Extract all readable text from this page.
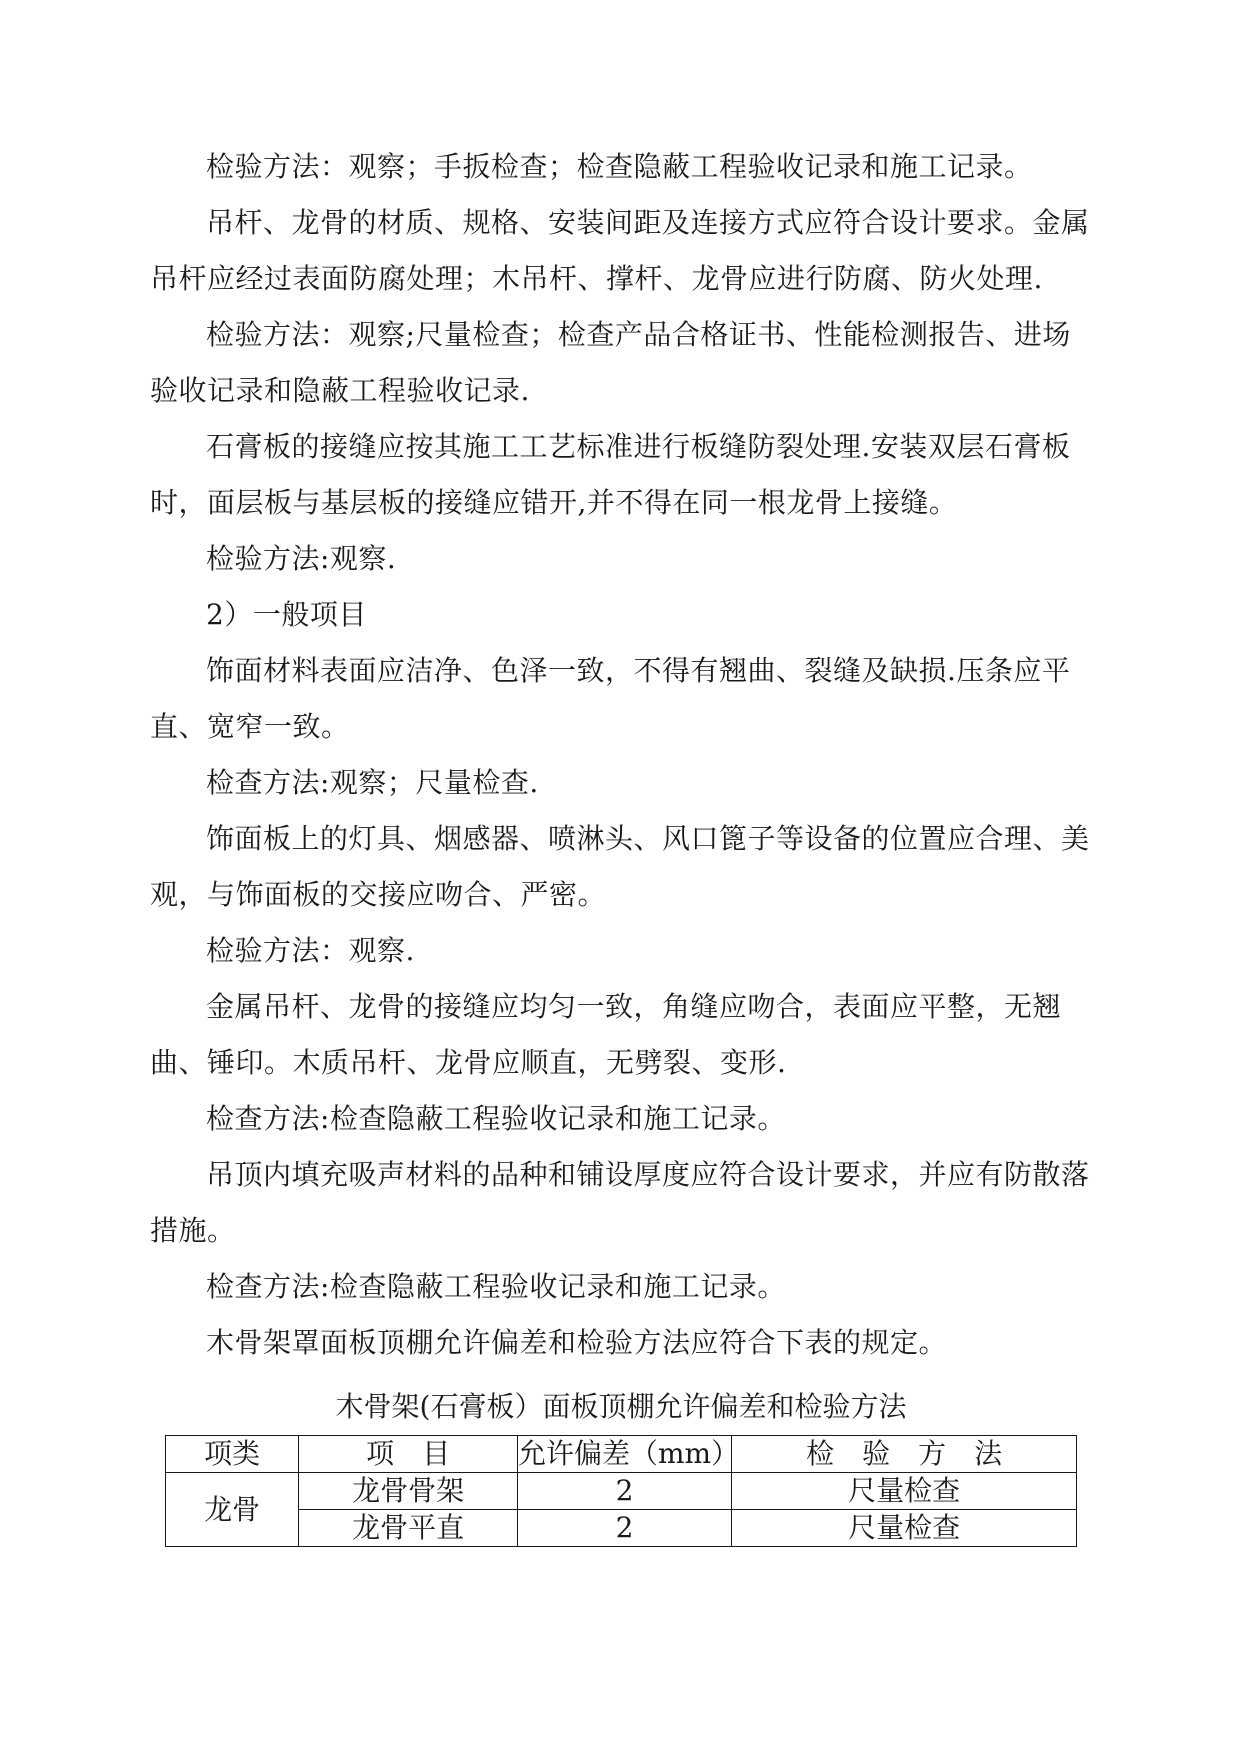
检验方法：观察；手扳检查；检查隐蔽工程验收记录和施工记录。

吊杆、龙骨的材质、规格、安装间距及连接方式应符合设计要求。金属吊杆应经过表面防腐处理；木吊杆、撑杆、龙骨应进行防腐、防火处理.

检验方法：观察;尺量检查；检查产品合格证书、性能检测报告、进场验收记录和隐蔽工程验收记录.

石膏板的接缝应按其施工工艺标准进行板缝防裂处理.安装双层石膏板时，面层板与基层板的接缝应错开,并不得在同一根龙骨上接缝。

检验方法:观察.

2）一般项目

饰面材料表面应洁净、色泽一致，不得有翘曲、裂缝及缺损.压条应平直、宽窄一致。

检查方法:观察；尺量检查.

饰面板上的灯具、烟感器、喷淋头、风口篦子等设备的位置应合理、美观，与饰面板的交接应吻合、严密。

检验方法：观察.

金属吊杆、龙骨的接缝应均匀一致，角缝应吻合，表面应平整，无翘曲、锤印。木质吊杆、龙骨应顺直，无劈裂、变形.

检查方法:检查隐蔽工程验收记录和施工记录。

吊顶内填充吸声材料的品种和铺设厚度应符合设计要求，并应有防散落措施。

检查方法:检查隐蔽工程验收记录和施工记录。

木骨架罩面板顶棚允许偏差和检验方法应符合下表的规定。

木骨架(石膏板）面板顶棚允许偏差和检验方法

项类	项　目	允许偏差（mm）	检　验　方　法
龙骨	龙骨骨架	2	尺量检查
	龙骨平直	2	尺量检查
